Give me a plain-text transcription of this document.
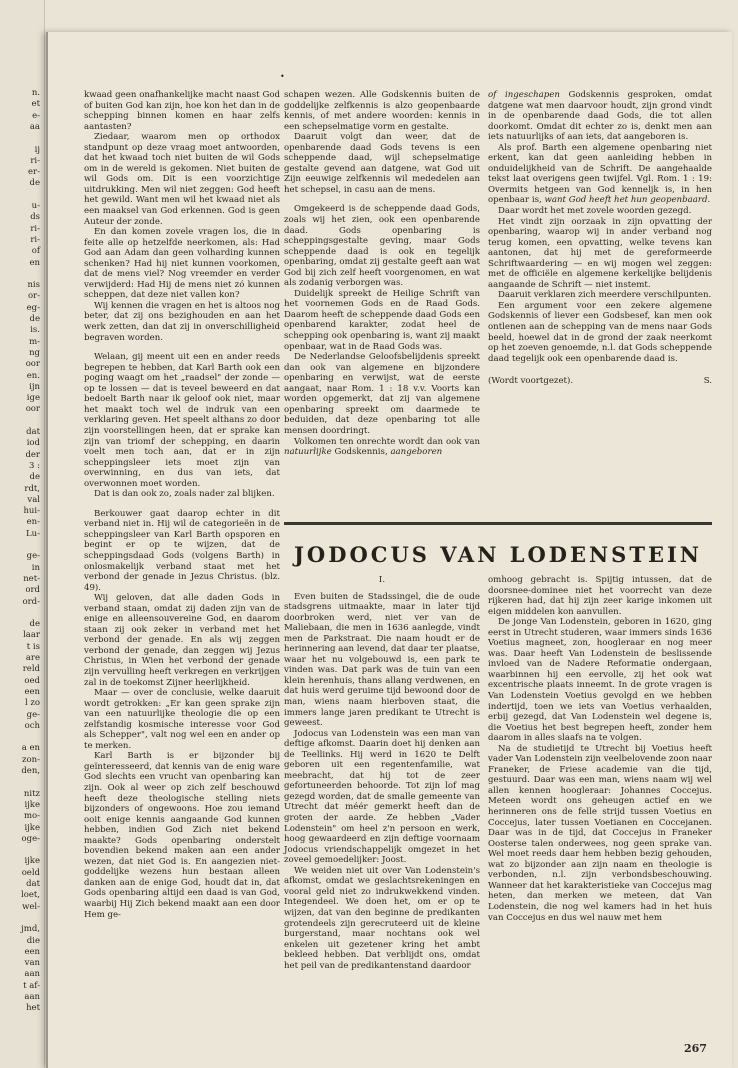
n.
et
e-
aa
ij
ri-
er-
de
u-
ds
ri-
ri-
of
en
nis
or-
eg-
de
is.
m-
ng
oor
en.
ijn
ige
oor
dat
iod
der
3 :
de
rdt,
val
hui-
en-
Lu-
ge-
in
net-
ord
ord-
de
laar
t is
are
reld
oed
een
l zo
ge-
och
a en
zon-
den,
nitz
ijke
mo-
ijke
oge-
ijke
oeld
dat
loet,
wel-
jmd,
die
een
van
aan
t af-
aan
het
•

kwaad geen onafhankelijke macht naast God of buiten God kan zijn, hoe kon het dan in de schepping binnen komen en haar zelfs aantasten?

Ziedaar, waarom men op orthodox standpunt op deze vraag moet antwoorden, dat het kwaad toch niet buiten de wil Gods om in de wereld is gekomen. Niet buiten de wil Gods om. Dit is een voorzichtige uitdrukking. Men wil niet zeggen: God heeft het gewild. Want men wil het kwaad niet als een maaksel van God erkennen. God is geen Auteur der zonde.

En dan komen zovele vragen los, die in feite alle op hetzelfde neerkomen, als: Had God aan Adam dan geen volharding kunnen schenken? Had hij niet kunnen voorkomen, dat de mens viel? Nog vreemder en verder verwijderd: Had Hij de mens niet zó kunnen scheppen, dat deze niet vallen kon?

Wij kennen die vragen en het is altoos nog beter, dat zij ons bezighouden en aan het werk zetten, dan dat zij in onverschilligheid begraven worden.

Welaan, gij meent uit een en ander reeds begrepen te hebben, dat Karl Barth ook een poging waagt om het „raadsel" der zonde — op te lossen — dat is teveel beweerd en dat bedoelt Barth naar ik geloof ook niet, maar het maakt toch wel de indruk van een verklaring geven. Het speelt althans zo door zijn voorstellingen heen, dat er sprake kan zijn van triomf der schepping, en daarin voelt men toch aan, dat er in zijn scheppingsleer iets moet zijn van overwinning, en dus van iets, dat overwonnen moet worden.

Dat is dan ook zo, zoals nader zal blijken.

Berkouwer gaat daarop echter in dit verband niet in. Hij wil de categorieën in de scheppingsleer van Karl Barth opsporen en begint er op te wijzen, dat de scheppingsdaad Gods (volgens Barth) in onlosmakelijk verband staat met het verbond der genade in Jezus Christus. (blz. 49).

Wij geloven, dat alle daden Gods in verband staan, omdat zij daden zijn van de enige en alleensouvereine God, en daarom staan zij ook zeker in verband met het verbond der genade. En als wij zeggen verbond der genade, dan zeggen wij Jezus Christus, in Wien het verbond der genade zijn vervulling heeft verkregen en verkrijgen zal in de toekomst Zijner heerlijkheid.

Maar — over de conclusie, welke daaruit wordt getrokken: „Er kan geen sprake zijn van een natuurlijke theologie die op een zelfstandig kosmische interesse voor God als Schepper", valt nog wel een en ander op te merken.

Karl Barth is er bijzonder bij geïnteresseerd, dat kennis van de enig ware God slechts een vrucht van openbaring kan zijn. Ook al weer op zich zelf beschouwd heeft deze theologische stelling niets bijzonders of ongewoons. Hoe zou iemand ooit enige kennis aangaande God kunnen hebben, indien God Zich niet bekend maakte? Gods openbaring onderstelt bovendien bekend maken aan een ander wezen, dat niet God is. En aangezien niet-goddelijke wezens hun bestaan alleen danken aan de enige God, houdt dat in, dat Gods openbaring altijd een daad is van God, waarbij Hij Zich bekend maakt aan een door Hem ge-

schapen wezen. Alle Godskennis buiten de goddelijke zelfkennis is alzo geopenbaarde kennis, of met andere woorden: kennis in een schepselmatige vorm en gestalte.

Daaruit volgt dan weer, dat de openbarende daad Gods tevens is een scheppende daad, wijl schepselmatige gestalte gevend aan datgene, wat God uit Zijn eeuwige zelfkennis wil mededelen aan het schepsel, in casu aan de mens.

Omgekeerd is de scheppende daad Gods, zoals wij het zien, ook een openbarende daad. Gods openbaring is scheppingsgestalte geving, maar Gods scheppende daad is ook en tegelijk openbaring, omdat zij gestalte geeft aan wat God bij zich zelf heeft voorgenomen, en wat als zodanig verborgen was.

Duidelijk spreekt de Heilige Schrift van het voornemen Gods en de Raad Gods. Daarom heeft de scheppende daad Gods een openbarend karakter, zodat heel de schepping ook openbaring is, want zij maakt openbaar, wat in de Raad Gods was.

De Nederlandse Geloofsbelijdenis spreekt dan ook van algemene en bijzondere openbaring en verwijst, wat de eerste aangaat, naar Rom. 1 : 18 v.v. Voorts kan worden opgemerkt, dat zij van algemene openbaring spreekt om daarmede te beduiden, dat deze openbaring tot alle mensen doordringt.

Volkomen ten onrechte wordt dan ook van natuurlijke Godskennis, aangeboren

of ingeschapen Godskennis gesproken, omdat datgene wat men daarvoor houdt, zijn grond vindt in de openbarende daad Gods, die tot allen doorkomt. Omdat dit echter zo is, denkt men aan iets natuurlijks of aan iets, dat aangeboren is.

Als prof. Barth een algemene openbaring niet erkent, kan dat geen aanleiding hebben in onduidelijkheid van de Schrift. De aangehaalde tekst laat overigens geen twijfel. Vgl. Rom. 1 : 19: Overmits hetgeen van God kenneljk is, in hen openbaar is, want God heeft het hun geopenbaard.

Daar wordt het met zovele woorden gezegd.

Het vindt zijn oorzaak in zijn opvatting der openbaring, waarop wij in ander verband nog terug komen, een opvatting, welke tevens kan aantonen, dat hij met de gereformeerde Schriftwaardering — en wij mogen wel zeggen: met de officiële en algemene kerkelijke belijdenis aangaande de Schrift — niet instemt.

Daaruit verklaren zich meerdere verschilpunten.

Een argument voor een zekere algemene Godskennis of liever een Godsbesef, kan men ook ontlenen aan de schepping van de mens naar Gods beeld, hoewel dat in de grond der zaak neerkomt op het zoeven genoemde, n.l. dat Gods scheppende daad tegelijk ook een openbarende daad is.

(Wordt voortgezet).	S.
JODOCUS VAN LODENSTEIN

I.

Even buiten de Stadssingel, die de oude stadsgrens uitmaakte, maar in later tijd doorbroken werd, niet ver van de Maliebaan, die men in 1636 aanlegde, vindt men de Parkstraat. Die naam houdt er de herinnering aan levend, dat daar ter plaatse, waar het nu volgebouwd is, een park te vinden was. Dat park was de tuin van een klein herenhuis, thans allang verdwenen, en dat huis werd geruime tijd bewoond door de man, wiens naam hierboven staat, die immers lange jaren predikant te Utrecht is geweest.

Jodocus van Lodenstein was een man van deftige afkomst. Daarin doet hij denken aan de Teellinks. Hij werd in 1620 te Delft geboren uit een regentenfamilie, wat meebracht, dat hij tot de zeer gefortuneerden behoorde. Tot zijn lof mag gezegd worden, dat de smalle gemeente van Utrecht dat méér gemerkt heeft dan de groten der aarde. Ze hebben „Vader Lodenstein" om heel z'n persoon en werk, hoog gewaardeerd en zijn deftige voornaam Jodocus vriendschappelijk omgezet in het zoveel gemoedelijker: Joost.

We weiden niet uit over Van Lodenstein's afkomst, omdat we geslachtsrekeningen en vooral geld niet zo indrukwekkend vinden. Integendeel. We doen het, om er op te wijzen, dat van den beginne de predikanten grotendeels zijn gerecruteerd uit de kleine burgerstand, maar nochtans ook wel enkelen uit gezetener kring het ambt bekleed hebben. Dat verblijdt ons, omdat het peil van de predikantenstand daardoor

omhoog gebracht is. Spijtig intussen, dat de doorsnee-dominee niet het voorrecht van deze rijkeren had, dat hij zijn zeer karige inkomen uit eigen middelen kon aanvullen.

De jonge Van Lodenstein, geboren in 1620, ging eerst in Utrecht studeren, waar immers sinds 1636 Voetius magneet, zon, hoogleraar en nog meer was. Daar heeft Van Lodenstein de beslissende invloed van de Nadere Reformatie ondergaan, waarbinnen hij een eervolle, zij het ook wat excentrische plaats inneemt. In de grote vragen is Van Lodenstein Voetius gevolgd en we hebben indertijd, toen we iets van Voetius verhaalden, erbij gezegd, dat Van Lodenstein wel degene is, die Voetius het best begrepen heeft, zonder hem daarom in alles slaafs na te volgen.

Na de studietijd te Utrecht bij Voetius heeft vader Van Lodenstein zijn veelbelovende zoon naar Franeker, de Friese academie van die tijd, gestuurd. Daar was een man, wiens naam wij wel allen kennen hoogleraar: Johannes Coccejus. Meteen wordt ons geheugen actief en we herinneren ons de felle strijd tussen Voetius en Coccejus, later tussen Voetianen en Coccejanen. Daar was in de tijd, dat Coccejus in Franeker Oosterse talen onderwees, nog geen sprake van. Wel moet reeds daar hem hebben bezig gehouden, wat zo bijzonder aan zijn naam en theologie is verbonden, n.l. zijn verbondsbeschouwing. Wanneer dat het karakteristieke van Coccejus mag heten, dan merken we meteen, dat Van Lodenstein, die nog wel kamers had in het huis van Coccejus en dus wel nauw met hem

267
